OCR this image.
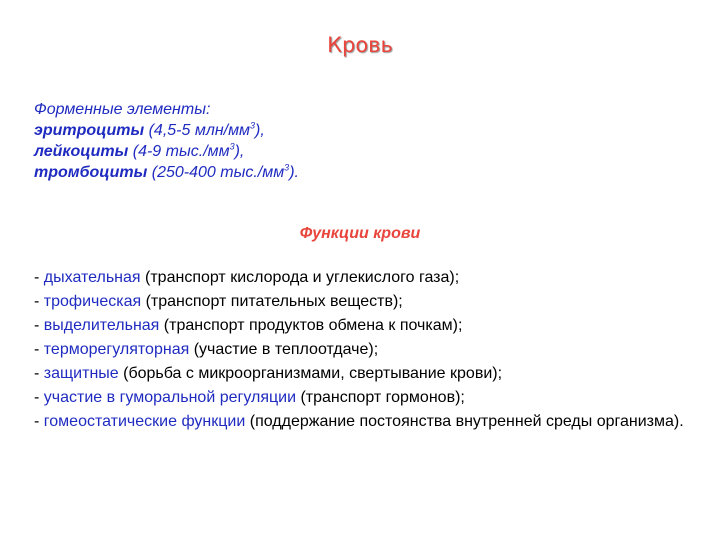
Кровь
Форменные элементы:
эритроциты (4,5-5 млн/$мм^3$),
лейкоциты (4-9 $тыс./мм^3$),
тромбоциты (250-400 $тыс./мм^3$).
Функции крови
- дыхательная (транспорт кислорода и углекислого газа);
- трофическая (транспорт питательных веществ);
- выделительная (транспорт продуктов обмена к почкам);
- терморегуляторная (участие в теплоотдаче);
- защитные (борьба с микроорганизмами, свертывание крови);
- участие в гуморальной регуляции (транспорт гормонов);
- гомеостатические функции (поддержание постоянства внутренней среды организма).
